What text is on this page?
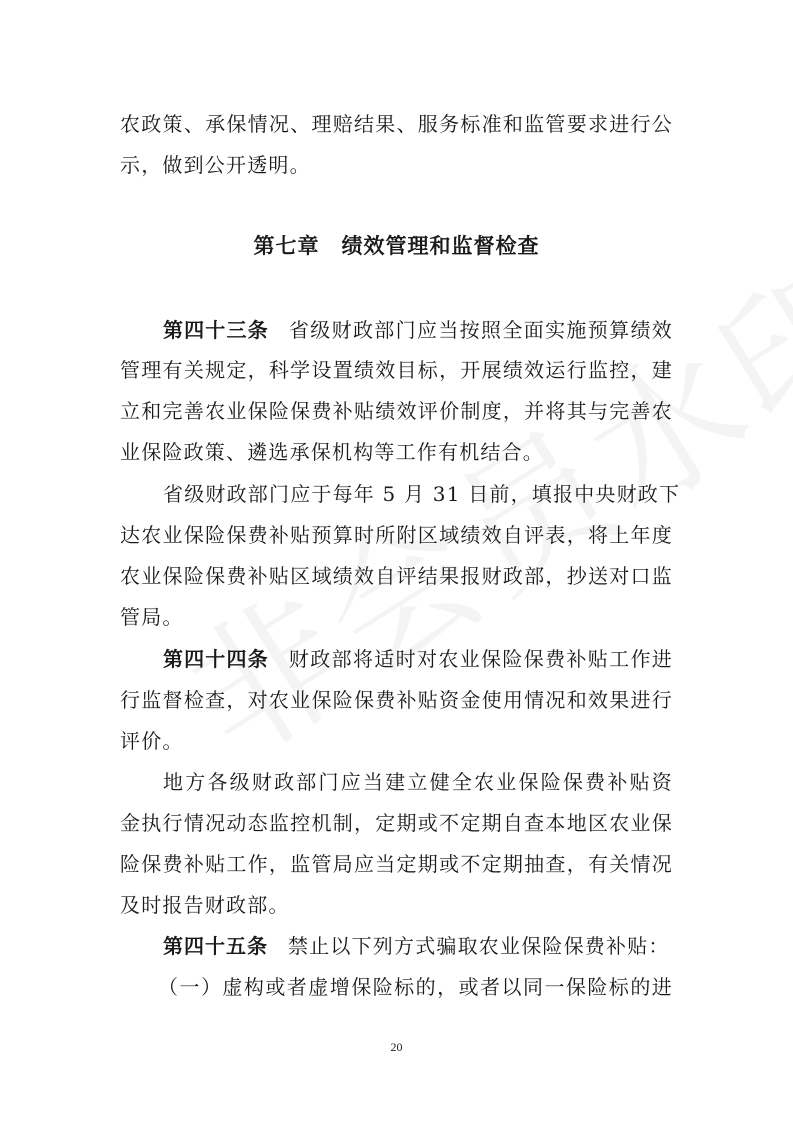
农政策、承保情况、理赔结果、服务标准和监管要求进行公
示，做到公开透明。
第七章 绩效管理和监督检查
第四十三条 省级财政部门应当按照全面实施预算绩效
管理有关规定，科学设置绩效目标，开展绩效运行监控，建
立和完善农业保险保费补贴绩效评价制度，并将其与完善农
业保险政策、遴选承保机构等工作有机结合。
省级财政部门应于每年 5 月 31 日前，填报中央财政下
达农业保险保费补贴预算时所附区域绩效自评表，将上年度
农业保险保费补贴区域绩效自评结果报财政部，抄送对口监
管局。
第四十四条 财政部将适时对农业保险保费补贴工作进
行监督检查，对农业保险保费补贴资金使用情况和效果进行
评价。
地方各级财政部门应当建立健全农业保险保费补贴资
金执行情况动态监控机制，定期或不定期自查本地区农业保
险保费补贴工作，监管局应当定期或不定期抽查，有关情况
及时报告财政部。
第四十五条 禁止以下列方式骗取农业保险保费补贴：
（一）虚构或者虚增保险标的，或者以同一保险标的进
20
